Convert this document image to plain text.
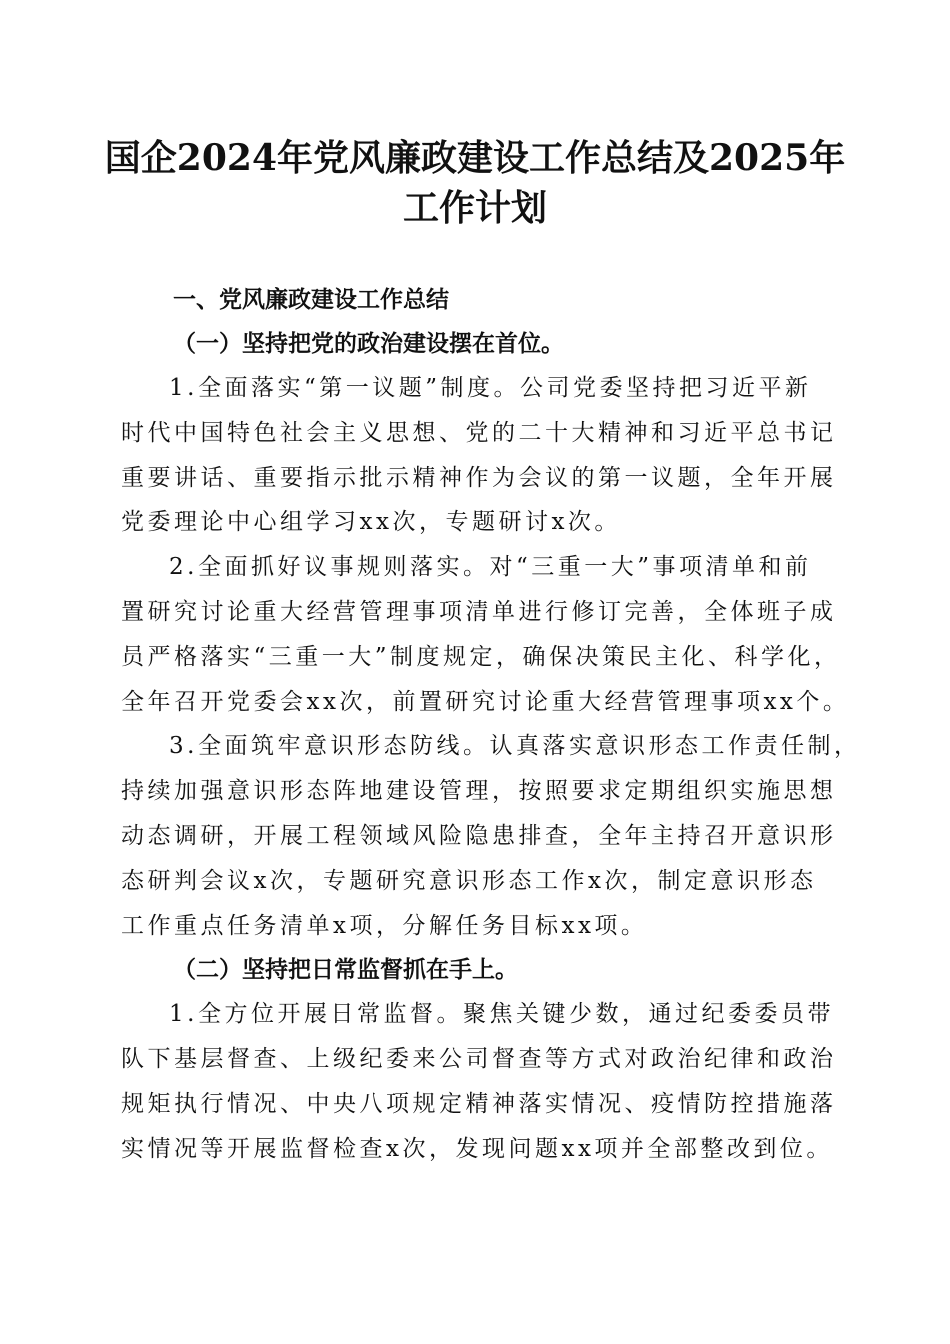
国企2024年党风廉政建设工作总结及2025年
工作计划
一、党风廉政建设工作总结
（一）坚持把党的政治建设摆在首位。

1.全面落实“第一议题”制度。公司党委坚持把习近平新
时代中国特色社会主义思想、党的二十大精神和习近平总书记
重要讲话、重要指示批示精神作为会议的第一议题，全年开展
党委理论中心组学习xx次，专题研讨x次。

2.全面抓好议事规则落实。对“三重一大”事项清单和前
置研究讨论重大经营管理事项清单进行修订完善，全体班子成
员严格落实“三重一大”制度规定，确保决策民主化、科学化，
全年召开党委会xx次，前置研究讨论重大经营管理事项xx个。

3.全面筑牢意识形态防线。认真落实意识形态工作责任制，
持续加强意识形态阵地建设管理，按照要求定期组织实施思想
动态调研，开展工程领域风险隐患排查，全年主持召开意识形
态研判会议x次，专题研究意识形态工作x次，制定意识形态
工作重点任务清单x项，分解任务目标xx项。

（二）坚持把日常监督抓在手上。

1.全方位开展日常监督。聚焦关键少数，通过纪委委员带
队下基层督查、上级纪委来公司督查等方式对政治纪律和政治
规矩执行情况、中央八项规定精神落实情况、疫情防控措施落
实情况等开展监督检查x次，发现问题xx项并全部整改到位。
